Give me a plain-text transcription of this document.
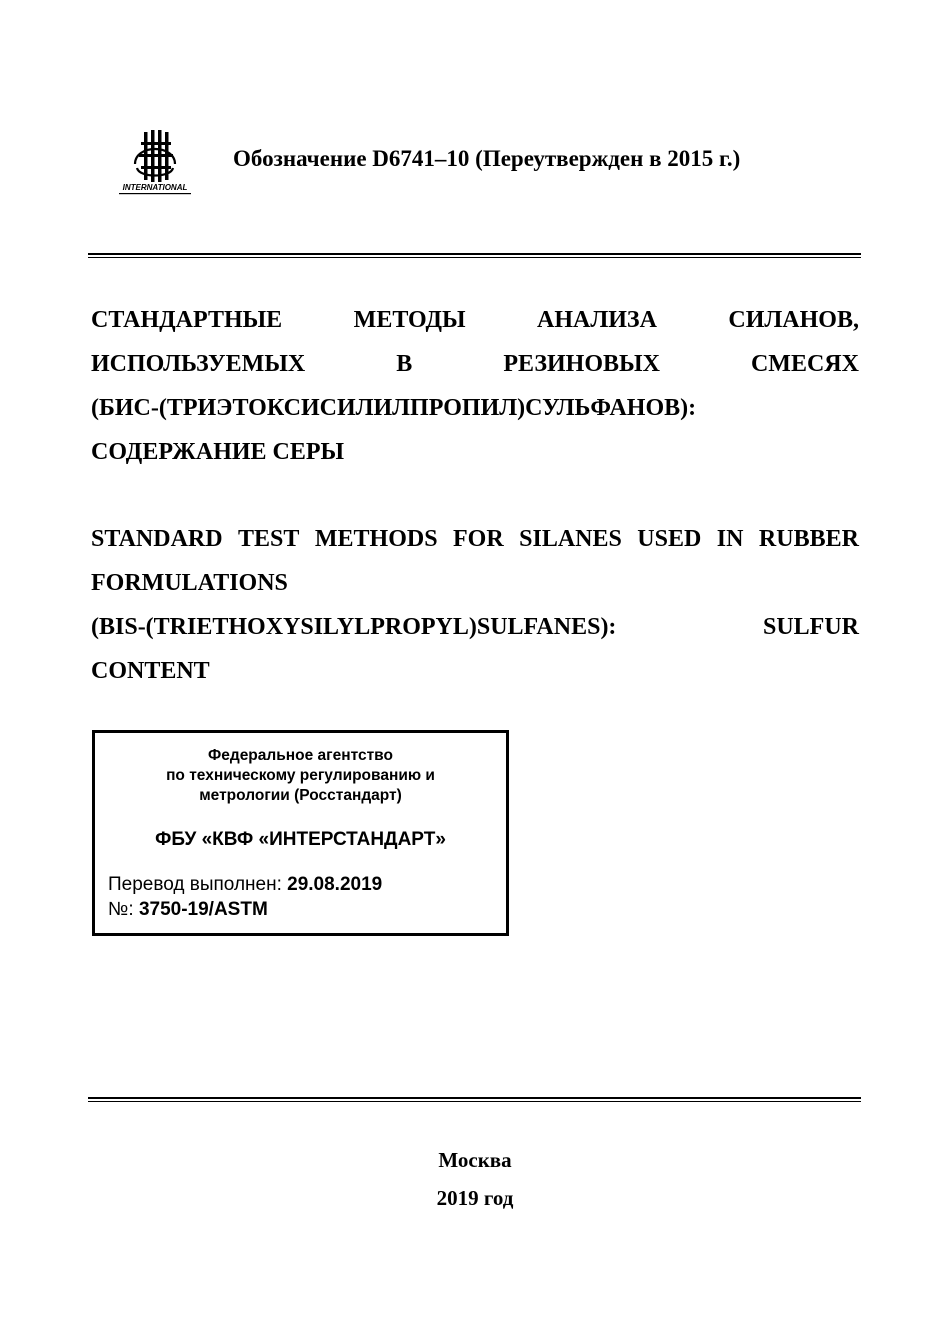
INTERNATIONAL
Обозначение D6741–10 (Переутвержден в 2015 г.)
СТАНДАРТНЫЕ	МЕТОДЫ	АНАЛИЗА	СИЛАНОВ,
ИСПОЛЬЗУЕМЫХ	В	РЕЗИНОВЫХ	СМЕСЯХ
(БИС-(ТРИЭТОКСИСИЛИЛПРОПИЛ)СУЛЬФАНОВ):
СОДЕРЖАНИЕ СЕРЫ
STANDARD TEST METHODS FOR SILANES USED IN RUBBER
FORMULATIONS
(BIS-(TRIETHOXYSILYLPROPYL)SULFANES):	SULFUR
CONTENT
Федеральное агентство
по техническому регулированию и
метрологии (Росстандарт)
ФБУ «КВФ «ИНТЕРСТАНДАРТ»
Перевод выполнен: 29.08.2019
№: 3750-19/ASTM
Москва
2019 год
